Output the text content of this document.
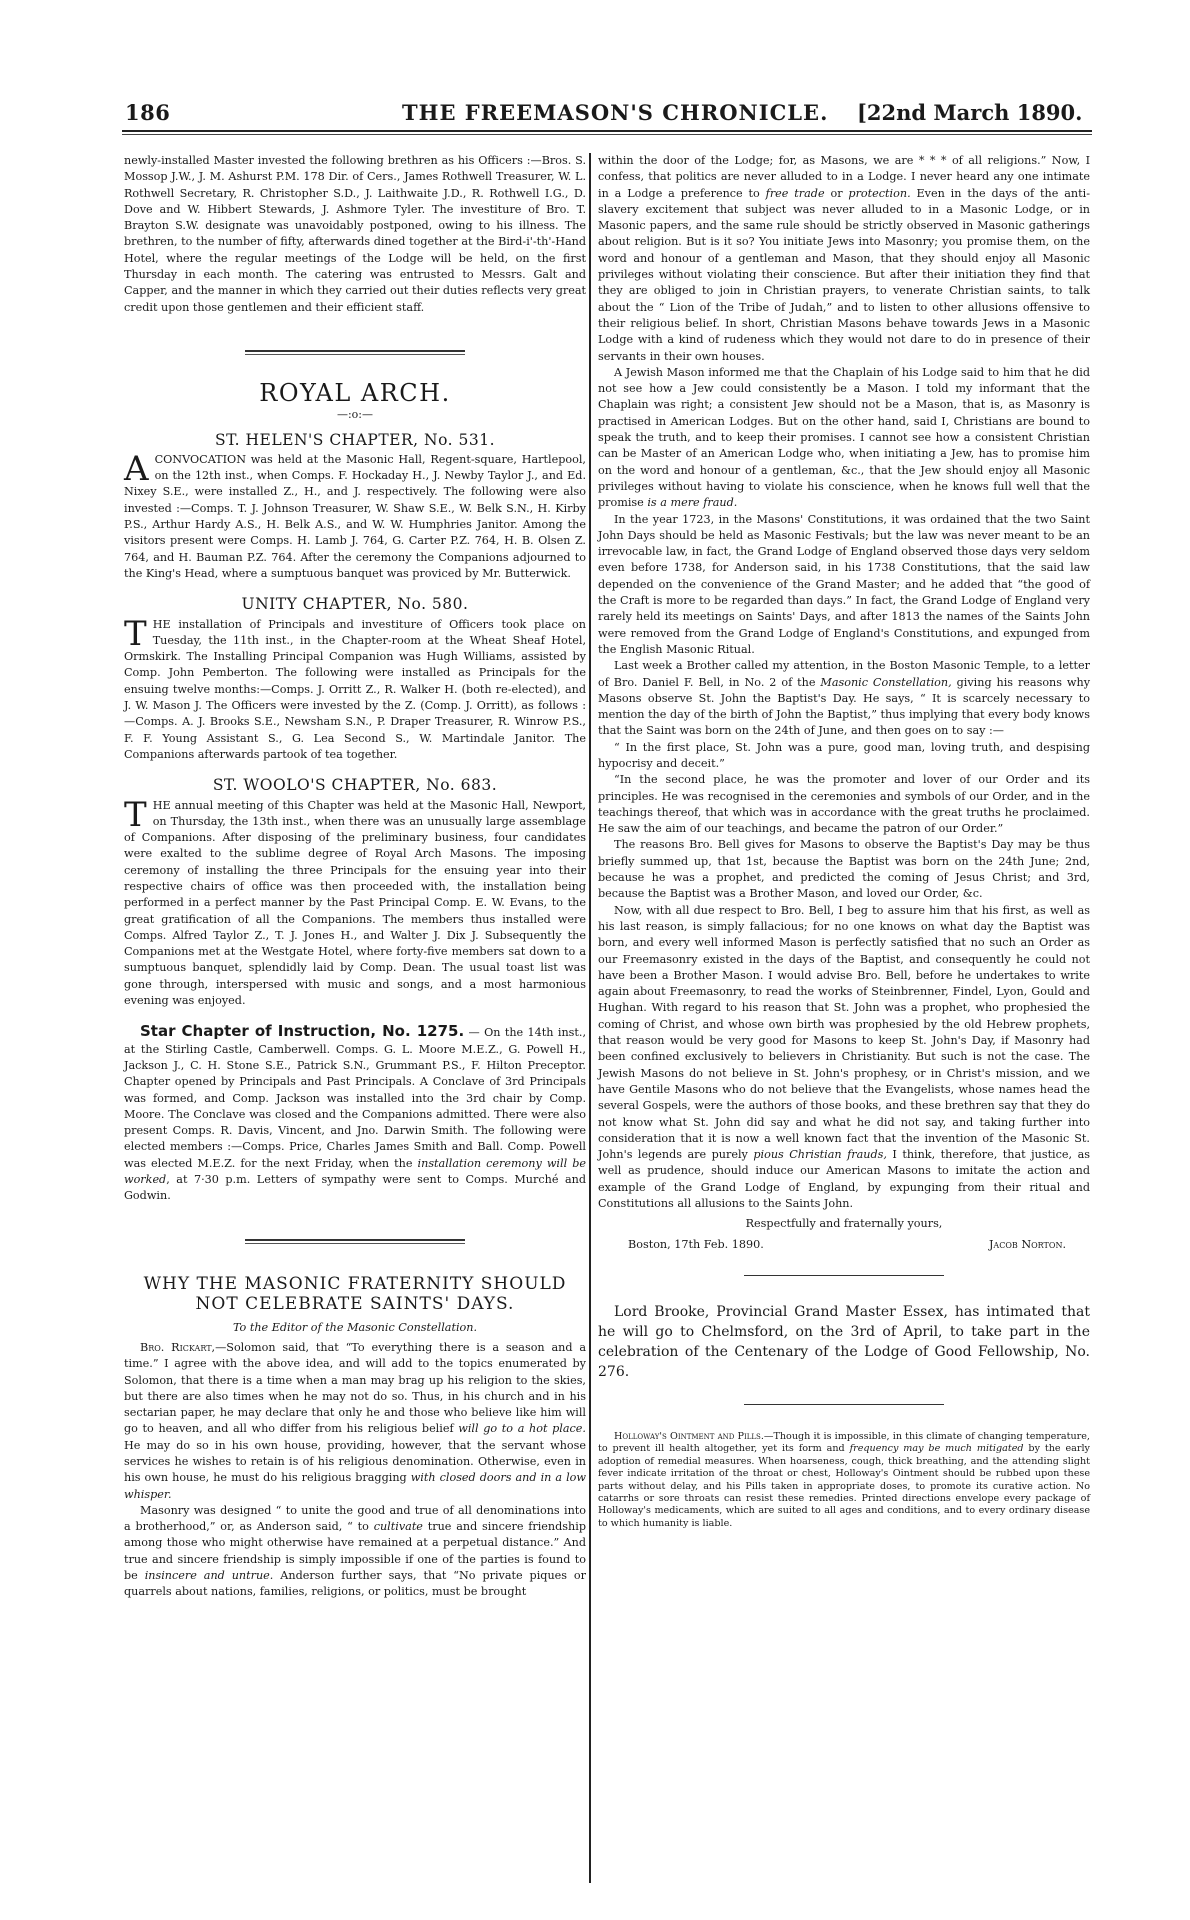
186	THE FREEMASON'S CHRONICLE. [22nd March 1890.

newly-installed Master invested the following brethren as his Officers :—Bros. S. Mossop J.W., J. M. Ashurst P.M. 178 Dir. of Cers., James Rothwell Treasurer, W. L. Rothwell Secretary, R. Christopher S.D., J. Laithwaite J.D., R. Rothwell I.G., D. Dove and W. Hibbert Stewards, J. Ashmore Tyler. The investiture of Bro. T. Brayton S.W. designate was unavoidably postponed, owing to his illness. The brethren, to the number of fifty, afterwards dined together at the Bird-i'-th'-Hand Hotel, where the regular meetings of the Lodge will be held, on the first Thursday in each month. The catering was entrusted to Messrs. Galt and Capper, and the manner in which they carried out their duties reflects very great credit upon those gentlemen and their efficient staff.

ROYAL ARCH.
—:o:—
ST. HELEN'S CHAPTER, No. 531.

ACONVOCATION was held at the Masonic Hall, Regent-square, Hartlepool, on the 12th inst., when Comps. F. Hockaday H., J. Newby Taylor J., and Ed. Nixey S.E., were installed Z., H., and J. respectively. The following were also invested :—Comps. T. J. Johnson Treasurer, W. Shaw S.E., W. Belk S.N., H. Kirby P.S., Arthur Hardy A.S., H. Belk A.S., and W. W. Humphries Janitor. Among the visitors present were Comps. H. Lamb J. 764, G. Carter P.Z. 764, H. B. Olsen Z. 764, and H. Bauman P.Z. 764. After the ceremony the Companions adjourned to the King's Head, where a sumptuous banquet was proviced by Mr. Butterwick.

UNITY CHAPTER, No. 580.

THE installation of Principals and investiture of Officers took place on Tuesday, the 11th inst., in the Chapter-room at the Wheat Sheaf Hotel, Ormskirk. The Installing Principal Companion was Hugh Williams, assisted by Comp. John Pemberton. The following were installed as Principals for the ensuing twelve months:—Comps. J. Orritt Z., R. Walker H. (both re-elected), and J. W. Mason J. The Officers were invested by the Z. (Comp. J. Orritt), as follows :—Comps. A. J. Brooks S.E., Newsham S.N., P. Draper Treasurer, R. Winrow P.S., F. F. Young Assistant S., G. Lea Second S., W. Martindale Janitor. The Companions afterwards partook of tea together.

ST. WOOLO'S CHAPTER, No. 683.

THE annual meeting of this Chapter was held at the Masonic Hall, Newport, on Thursday, the 13th inst., when there was an unusually large assemblage of Companions. After disposing of the preliminary business, four candidates were exalted to the sublime degree of Royal Arch Masons. The imposing ceremony of installing the three Principals for the ensuing year into their respective chairs of office was then proceeded with, the installation being performed in a perfect manner by the Past Principal Comp. E. W. Evans, to the great gratification of all the Companions. The members thus installed were Comps. Alfred Taylor Z., T. J. Jones H., and Walter J. Dix J. Subsequently the Companions met at the Westgate Hotel, where forty-five members sat down to a sumptuous banquet, splendidly laid by Comp. Dean. The usual toast list was gone through, interspersed with music and songs, and a most harmonious evening was enjoyed.

Star Chapter of Instruction, No. 1275. — On the 14th inst., at the Stirling Castle, Camberwell. Comps. G. L. Moore M.E.Z., G. Powell H., Jackson J., C. H. Stone S.E., Patrick S.N., Grummant P.S., F. Hilton Preceptor. Chapter opened by Principals and Past Principals. A Conclave of 3rd Principals was formed, and Comp. Jackson was installed into the 3rd chair by Comp. Moore. The Conclave was closed and the Companions admitted. There were also present Comps. R. Davis, Vincent, and Jno. Darwin Smith. The following were elected members :—Comps. Price, Charles James Smith and Ball. Comp. Powell was elected M.E.Z. for the next Friday, when the installation ceremony will be worked, at 7·30 p.m. Letters of sympathy were sent to Comps. Murché and Godwin.

WHY THE MASONIC FRATERNITY SHOULD
NOT CELEBRATE SAINTS' DAYS.

To the Editor of the Masonic Constellation.

Bro. Rickart,—Solomon said, that “To everything there is a season and a time.” I agree with the above idea, and will add to the topics enumerated by Solomon, that there is a time when a man may brag up his religion to the skies, but there are also times when he may not do so. Thus, in his church and in his sectarian paper, he may declare that only he and those who believe like him will go to heaven, and all who differ from his religious belief will go to a hot place. He may do so in his own house, providing, however, that the servant whose services he wishes to retain is of his religious denomination. Otherwise, even in his own house, he must do his religious bragging with closed doors and in a low whisper.

Masonry was designed “ to unite the good and true of all denominations into a brotherhood,” or, as Anderson said, “ to cultivate true and sincere friendship among those who might otherwise have remained at a perpetual distance.” And true and sincere friendship is simply impossible if one of the parties is found to be insincere and untrue. Anderson further says, that “No private piques or quarrels about nations, families, religions, or politics, must be brought

within the door of the Lodge; for, as Masons, we are * * * of all religions.” Now, I confess, that politics are never alluded to in a Lodge. I never heard any one intimate in a Lodge a preference to free trade or protection. Even in the days of the anti-slavery excitement that subject was never alluded to in a Masonic Lodge, or in Masonic papers, and the same rule should be strictly observed in Masonic gatherings about religion. But is it so? You initiate Jews into Masonry; you promise them, on the word and honour of a gentleman and Mason, that they should enjoy all Masonic privileges without violating their conscience. But after their initiation they find that they are obliged to join in Christian prayers, to venerate Christian saints, to talk about the “ Lion of the Tribe of Judah,” and to listen to other allusions offensive to their religious belief. In short, Christian Masons behave towards Jews in a Masonic Lodge with a kind of rudeness which they would not dare to do in presence of their servants in their own houses.

A Jewish Mason informed me that the Chaplain of his Lodge said to him that he did not see how a Jew could consistently be a Mason. I told my informant that the Chaplain was right; a consistent Jew should not be a Mason, that is, as Masonry is practised in American Lodges. But on the other hand, said I, Christians are bound to speak the truth, and to keep their promises. I cannot see how a consistent Christian can be Master of an American Lodge who, when initiating a Jew, has to promise him on the word and honour of a gentleman, &c., that the Jew should enjoy all Masonic privileges without having to violate his conscience, when he knows full well that the promise is a mere fraud.

In the year 1723, in the Masons' Constitutions, it was ordained that the two Saint John Days should be held as Masonic Festivals; but the law was never meant to be an irrevocable law, in fact, the Grand Lodge of England observed those days very seldom even before 1738, for Anderson said, in his 1738 Constitutions, that the said law depended on the convenience of the Grand Master; and he added that “the good of the Craft is more to be regarded than days.” In fact, the Grand Lodge of England very rarely held its meetings on Saints' Days, and after 1813 the names of the Saints John were removed from the Grand Lodge of England's Constitutions, and expunged from the English Masonic Ritual.

Last week a Brother called my attention, in the Boston Masonic Temple, to a letter of Bro. Daniel F. Bell, in No. 2 of the Masonic Constellation, giving his reasons why Masons observe St. John the Baptist's Day. He says, “ It is scarcely necessary to mention the day of the birth of John the Baptist,” thus implying that every body knows that the Saint was born on the 24th of June, and then goes on to say :—

“ In the first place, St. John was a pure, good man, loving truth, and despising hypocrisy and deceit.”

“In the second place, he was the promoter and lover of our Order and its principles. He was recognised in the ceremonies and symbols of our Order, and in the teachings thereof, that which was in accordance with the great truths he proclaimed. He saw the aim of our teachings, and became the patron of our Order.”

The reasons Bro. Bell gives for Masons to observe the Baptist's Day may be thus briefly summed up, that 1st, because the Baptist was born on the 24th June; 2nd, because he was a prophet, and predicted the coming of Jesus Christ; and 3rd, because the Baptist was a Brother Mason, and loved our Order, &c.

Now, with all due respect to Bro. Bell, I beg to assure him that his first, as well as his last reason, is simply fallacious; for no one knows on what day the Baptist was born, and every well informed Mason is perfectly satisfied that no such an Order as our Freemasonry existed in the days of the Baptist, and consequently he could not have been a Brother Mason. I would advise Bro. Bell, before he undertakes to write again about Freemasonry, to read the works of Steinbrenner, Findel, Lyon, Gould and Hughan. With regard to his reason that St. John was a prophet, who prophesied the coming of Christ, and whose own birth was prophesied by the old Hebrew prophets, that reason would be very good for Masons to keep St. John's Day, if Masonry had been confined exclusively to believers in Christianity. But such is not the case. The Jewish Masons do not believe in St. John's prophesy, or in Christ's mission, and we have Gentile Masons who do not believe that the Evangelists, whose names head the several Gospels, were the authors of those books, and these brethren say that they do not know what St. John did say and what he did not say, and taking further into consideration that it is now a well known fact that the invention of the Masonic St. John's legends are purely pious Christian frauds, I think, therefore, that justice, as well as prudence, should induce our American Masons to imitate the action and example of the Grand Lodge of England, by expunging from their ritual and Constitutions all allusions to the Saints John.

Respectfully and fraternally yours,

Boston, 17th Feb. 1890.	Jacob Norton.

Lord Brooke, Provincial Grand Master Essex, has intimated that he will go to Chelmsford, on the 3rd of April, to take part in the celebration of the Centenary of the Lodge of Good Fellowship, No. 276.

Holloway's Ointment and Pills.—Though it is impossible, in this climate of changing temperature, to prevent ill health altogether, yet its form and frequency may be much mitigated by the early adoption of remedial measures. When hoarseness, cough, thick breathing, and the attending slight fever indicate irritation of the throat or chest, Holloway's Ointment should be rubbed upon these parts without delay, and his Pills taken in appropriate doses, to promote its curative action. No catarrhs or sore throats can resist these remedies. Printed directions envelope every package of Holloway's medicaments, which are suited to all ages and conditions, and to every ordinary disease to which humanity is liable.
